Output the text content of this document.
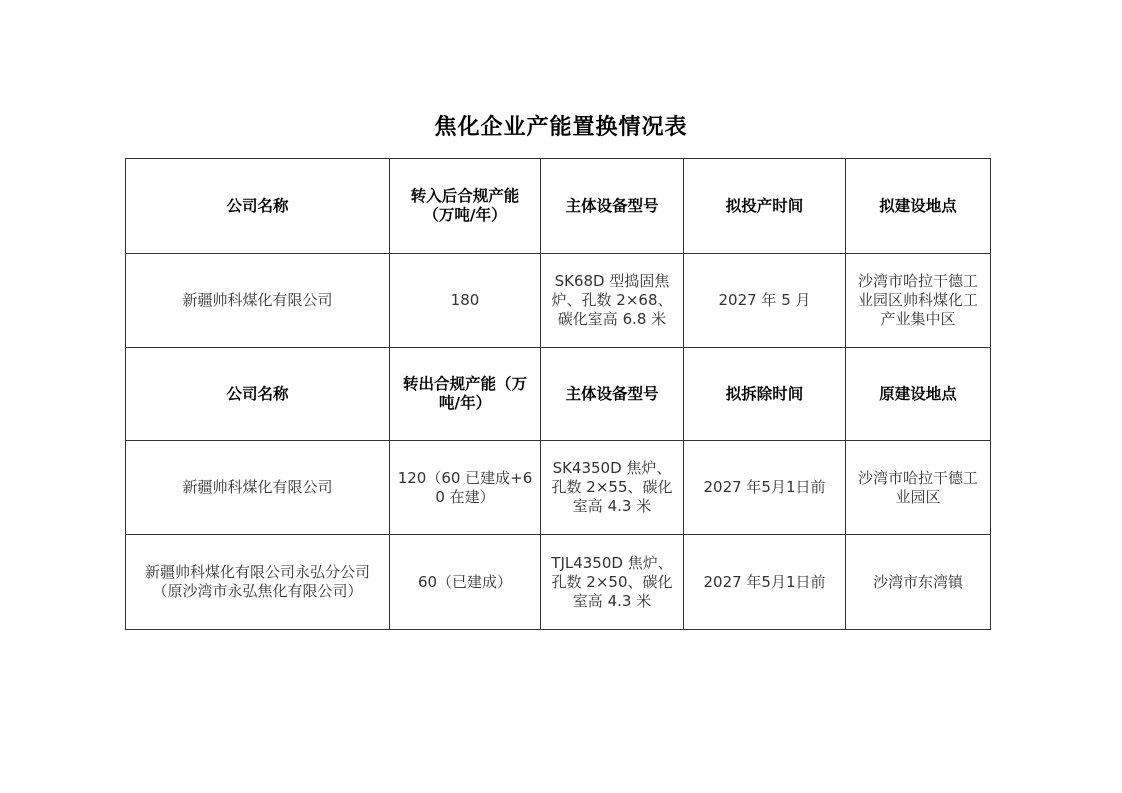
焦化企业产能置换情况表
公司名称	转入后合规产能（万吨/年）	主体设备型号	拟投产时间	拟建设地点
新疆帅科煤化有限公司	180	SK68D 型捣固焦炉、孔数 2×68、碳化室高 6.8 米	2027 年 5 月	沙湾市哈拉干德工业园区帅科煤化工产业集中区
公司名称	转出合规产能（万吨/年）	主体设备型号	拟拆除时间	原建设地点
新疆帅科煤化有限公司	120（60 已建成+60 在建）	SK4350D 焦炉、孔数 2×55、碳化室高 4.3 米	2027 年5月1日前	沙湾市哈拉干德工业园区
新疆帅科煤化有限公司永弘分公司（原沙湾市永弘焦化有限公司）	60（已建成）	TJL4350D 焦炉、孔数 2×50、碳化室高 4.3 米	2027 年5月1日前	沙湾市东湾镇
